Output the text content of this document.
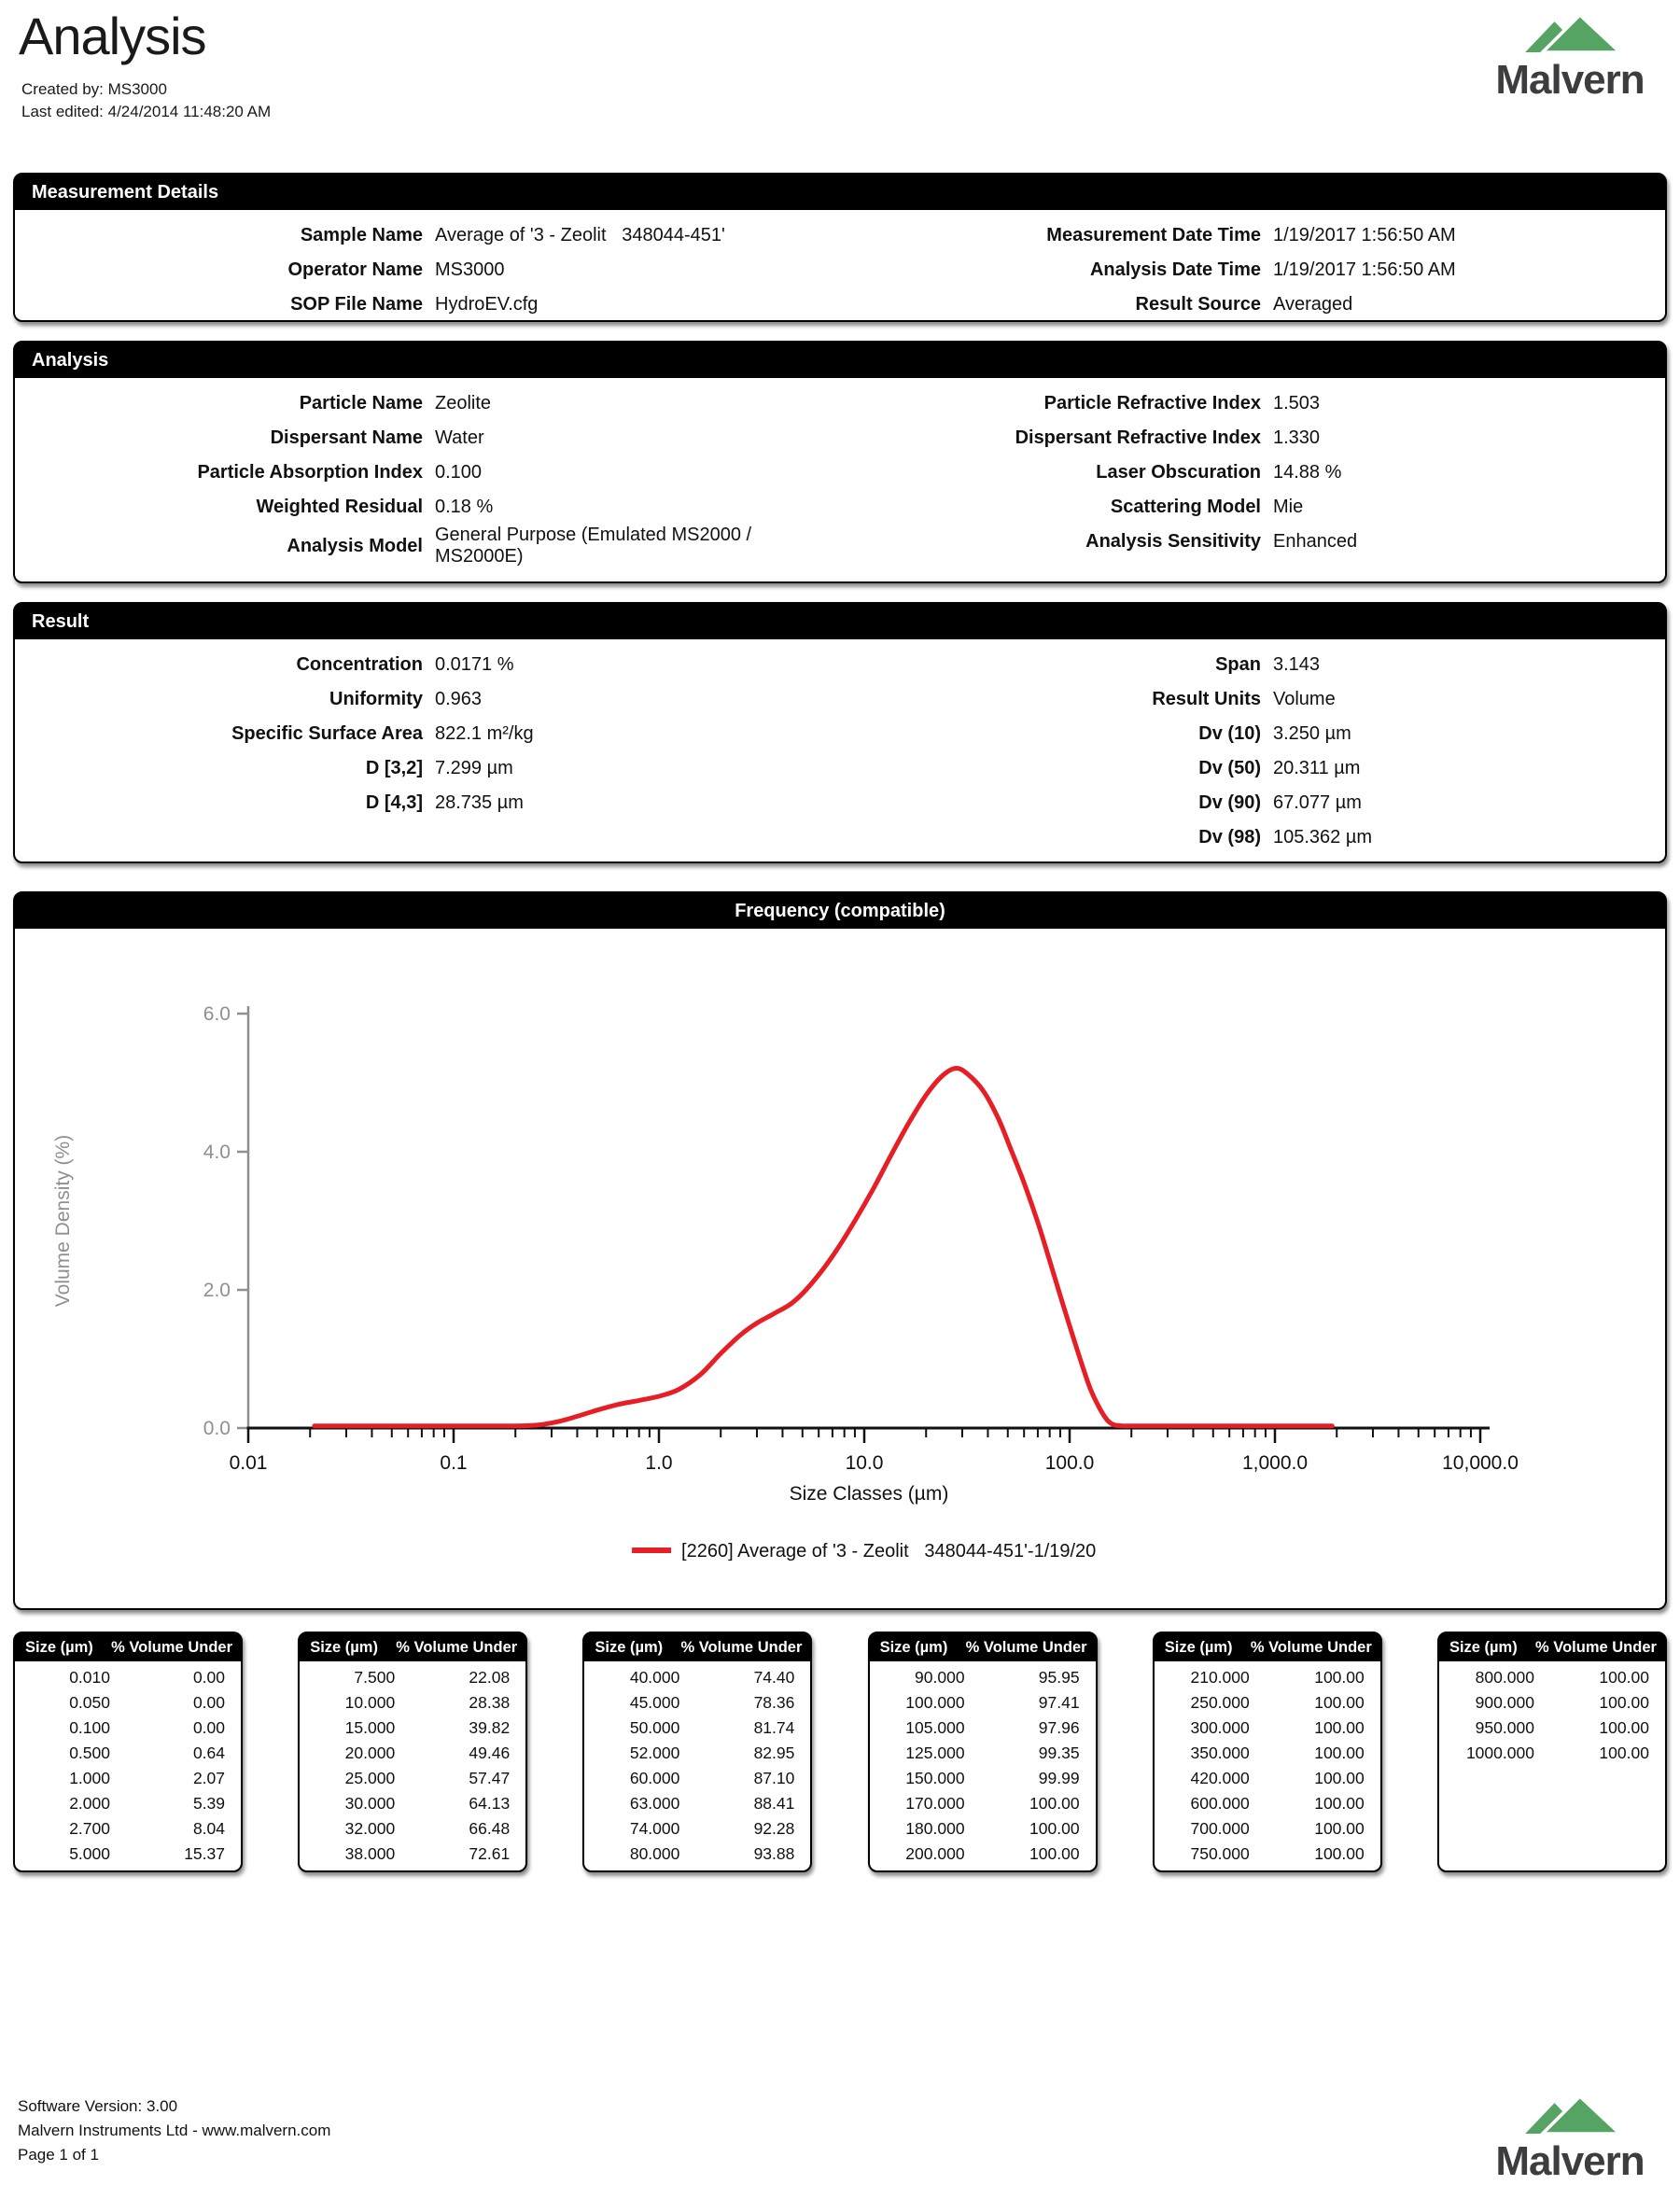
Analysis
Created by: MS3000
Last edited: 4/24/2014 11:48:20 AM
Malvern
Measurement Details
Sample Name Average of '3 - Zeolit   348044-451'
Operator Name MS3000
SOP File Name HydroEV.cfg
Measurement Date Time 1/19/2017 1:56:50 AM
Analysis Date Time 1/19/2017 1:56:50 AM
Result Source Averaged
Analysis
Particle Name Zeolite
Dispersant Name Water
Particle Absorption Index 0.100
Weighted Residual 0.18 %
Analysis Model
General Purpose (Emulated MS2000 / MS2000E)
Particle Refractive Index 1.503
Dispersant Refractive Index 1.330
Laser Obscuration 14.88 %
Scattering Model Mie
Analysis Sensitivity Enhanced
Result
Concentration 0.0171 %
Uniformity 0.963
Specific Surface Area 822.1 m²/kg
D [3,2] 7.299 µm
D [4,3] 28.735 µm
Span 3.143
Result Units Volume
Dv (10) 3.250 µm
Dv (50) 20.311 µm
Dv (90) 67.077 µm
Dv (98) 105.362 µm
Frequency (compatible)
0.0
2.0
4.0
6.0
0.01	0.1	1.0	10.0	100.0	1,000.0	10,000.0
Volume Density (%)
Size Classes (µm)
[2260] Average of '3 - Zeolit   348044-451'-1/19/20
Size (µm) % Volume Under
0.010	0.00
0.050	0.00
0.100	0.00
0.500	0.64
1.000	2.07
2.000	5.39
2.700	8.04
5.000	15.37
Size (µm) % Volume Under
7.500	22.08
10.000	28.38
15.000	39.82
20.000	49.46
25.000	57.47
30.000	64.13
32.000	66.48
38.000	72.61
Size (µm) % Volume Under
40.000	74.40
45.000	78.36
50.000	81.74
52.000	82.95
60.000	87.10
63.000	88.41
74.000	92.28
80.000	93.88
Size (µm) % Volume Under
90.000	95.95
100.000	97.41
105.000	97.96
125.000	99.35
150.000	99.99
170.000	100.00
180.000	100.00
200.000	100.00
Size (µm) % Volume Under
210.000	100.00
250.000	100.00
300.000	100.00
350.000	100.00
420.000	100.00
600.000	100.00
700.000	100.00
750.000	100.00
Size (µm) % Volume Under
800.000	100.00
900.000	100.00
950.000	100.00
1000.000	100.00
Software Version: 3.00
Malvern Instruments Ltd - www.malvern.com
Page 1 of 1	Malvern
